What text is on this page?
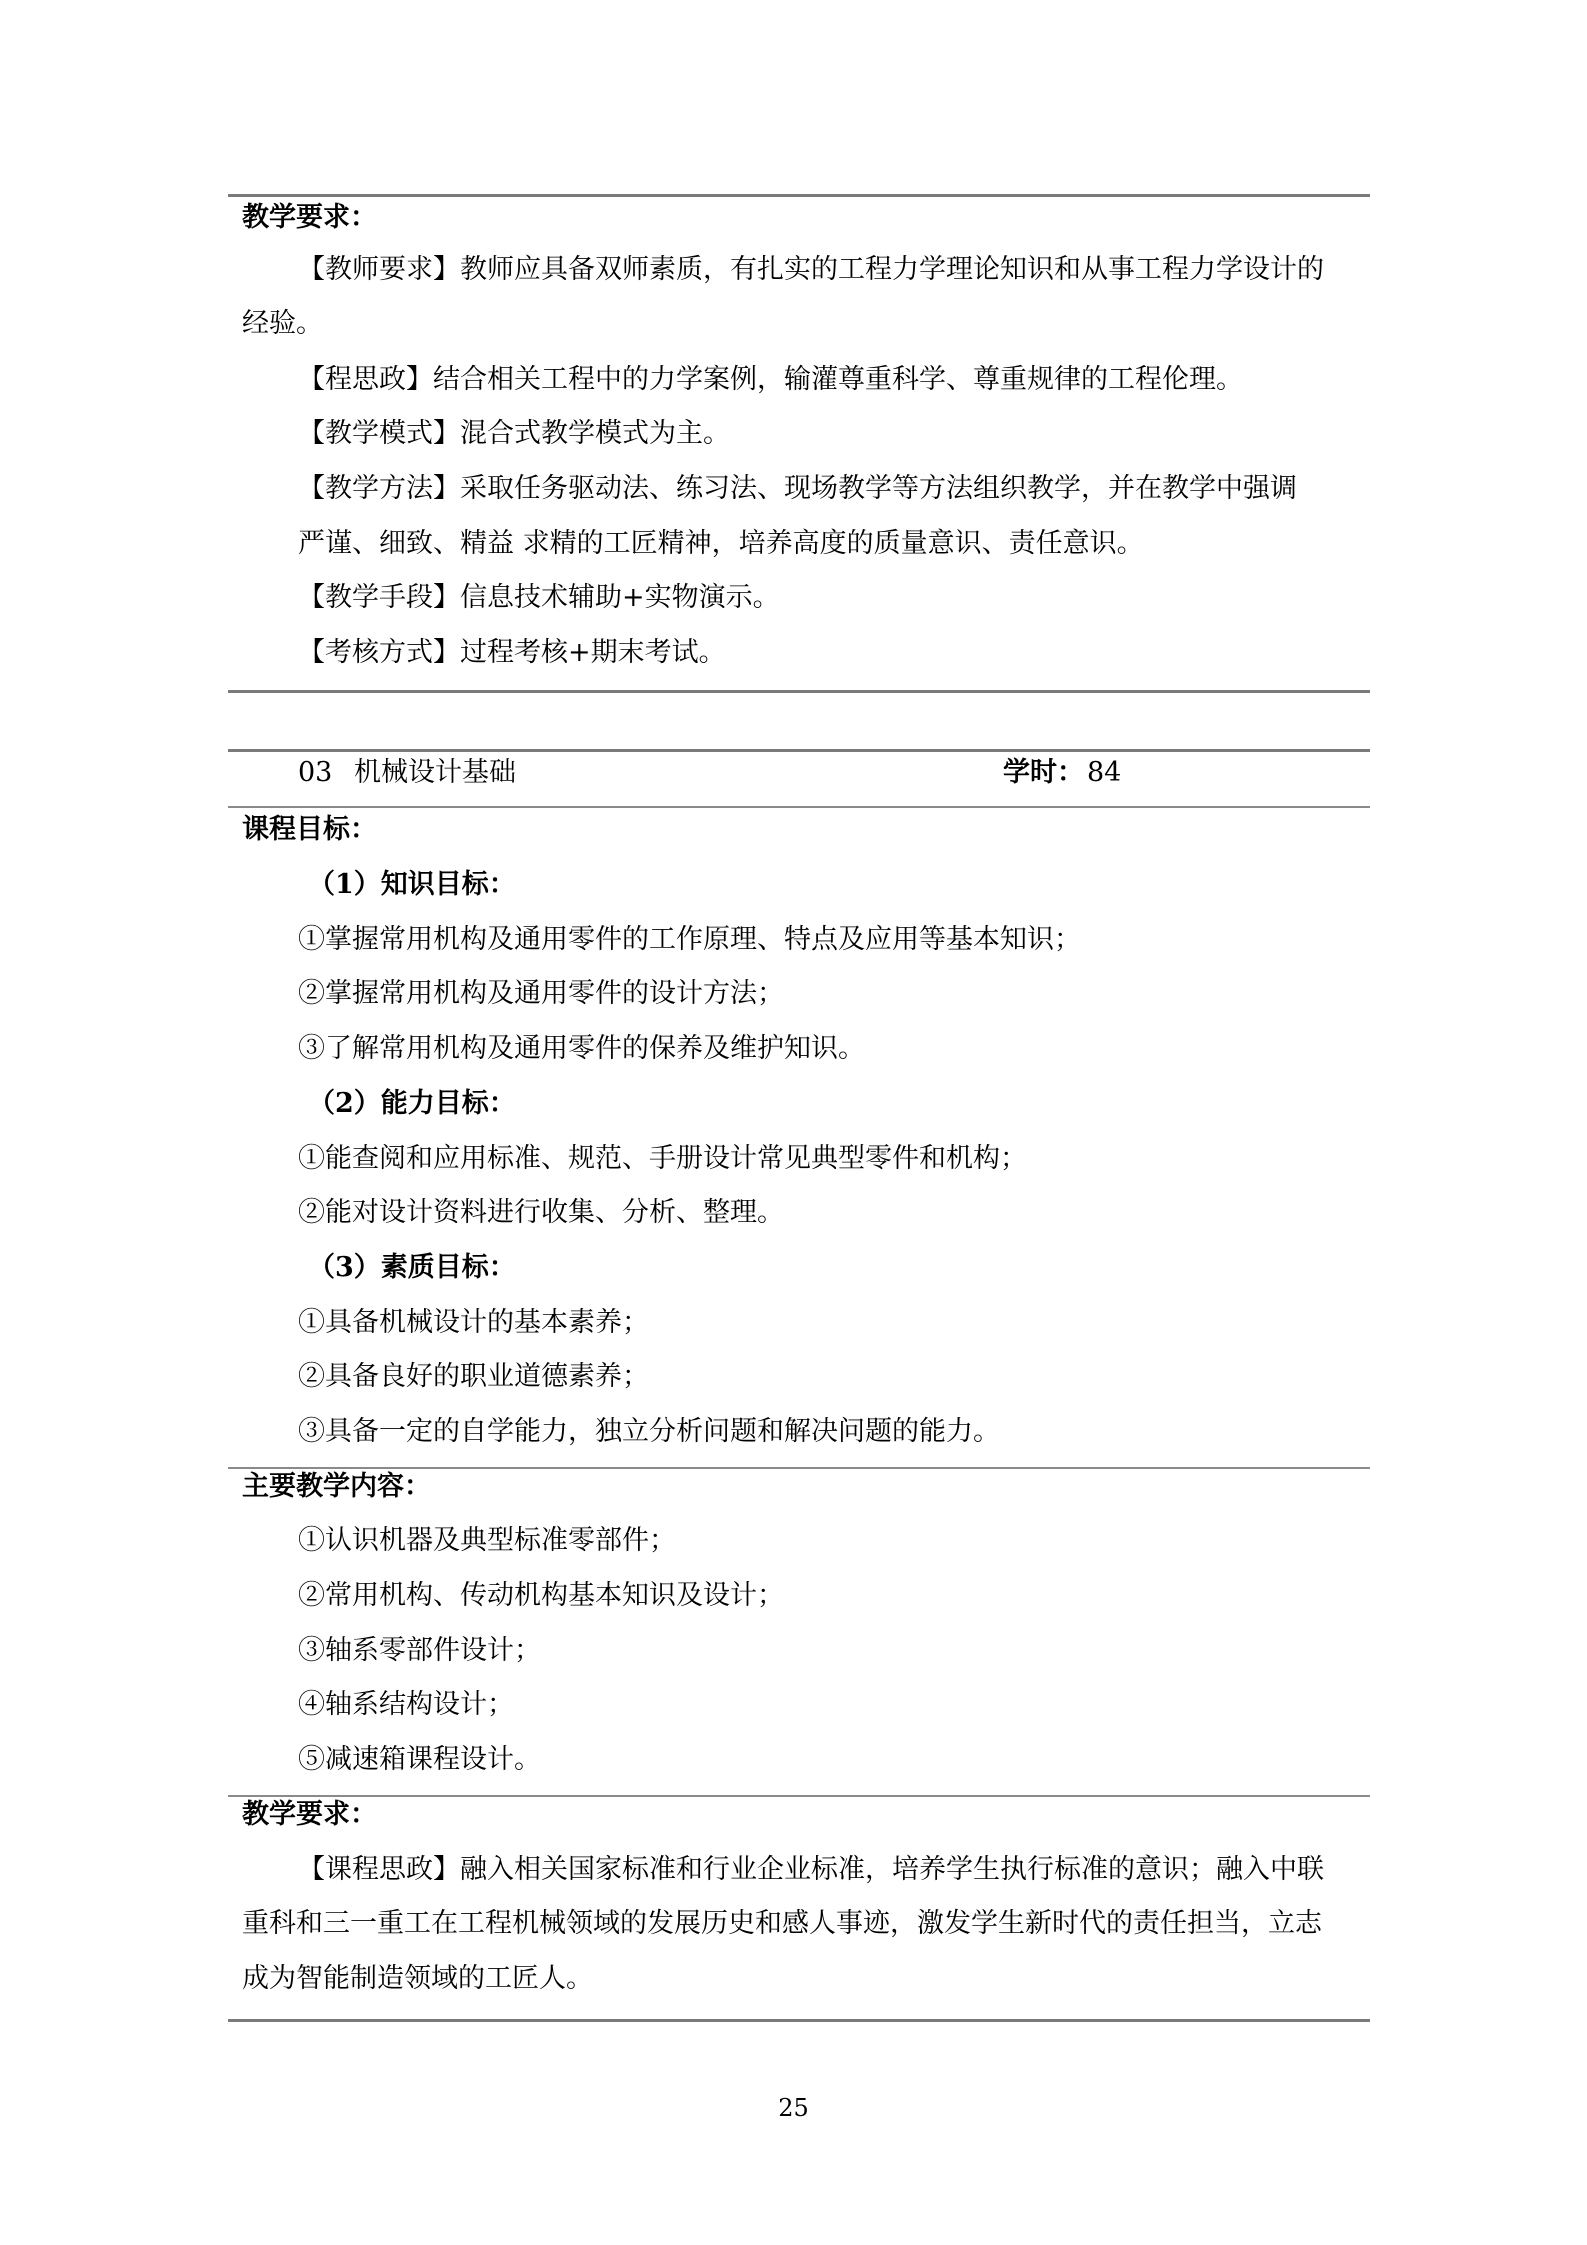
教学要求：
【教师要求】教师应具备双师素质，有扎实的工程力学理论知识和从事工程力学设计的
经验。
【程思政】结合相关工程中的力学案例，输灌尊重科学、尊重规律的工程伦理。
【教学模式】混合式教学模式为主。
【教学方法】采取任务驱动法、练习法、现场教学等方法组织教学，并在教学中强调
严谨、细致、精益 求精的工匠精神，培养高度的质量意识、责任意识。
【教学手段】信息技术辅助+实物演示。
【考核方式】过程考核+期末考试。
03 机械设计基础	学时： 84
课程目标：
（1）知识目标：
①掌握常用机构及通用零件的工作原理、特点及应用等基本知识；
②掌握常用机构及通用零件的设计方法；
③了解常用机构及通用零件的保养及维护知识。
（2）能力目标：
①能查阅和应用标准、规范、手册设计常见典型零件和机构；
②能对设计资料进行收集、分析、整理。
（3）素质目标：
①具备机械设计的基本素养；
②具备良好的职业道德素养；
③具备一定的自学能力，独立分析问题和解决问题的能力。
主要教学内容：
①认识机器及典型标准零部件；
②常用机构、传动机构基本知识及设计；
③轴系零部件设计；
④轴系结构设计；
⑤减速箱课程设计。
教学要求：
【课程思政】融入相关国家标准和行业企业标准，培养学生执行标准的意识；融入中联
重科和三一重工在工程机械领域的发展历史和感人事迹，激发学生新时代的责任担当，立志
成为智能制造领域的工匠人。
25
